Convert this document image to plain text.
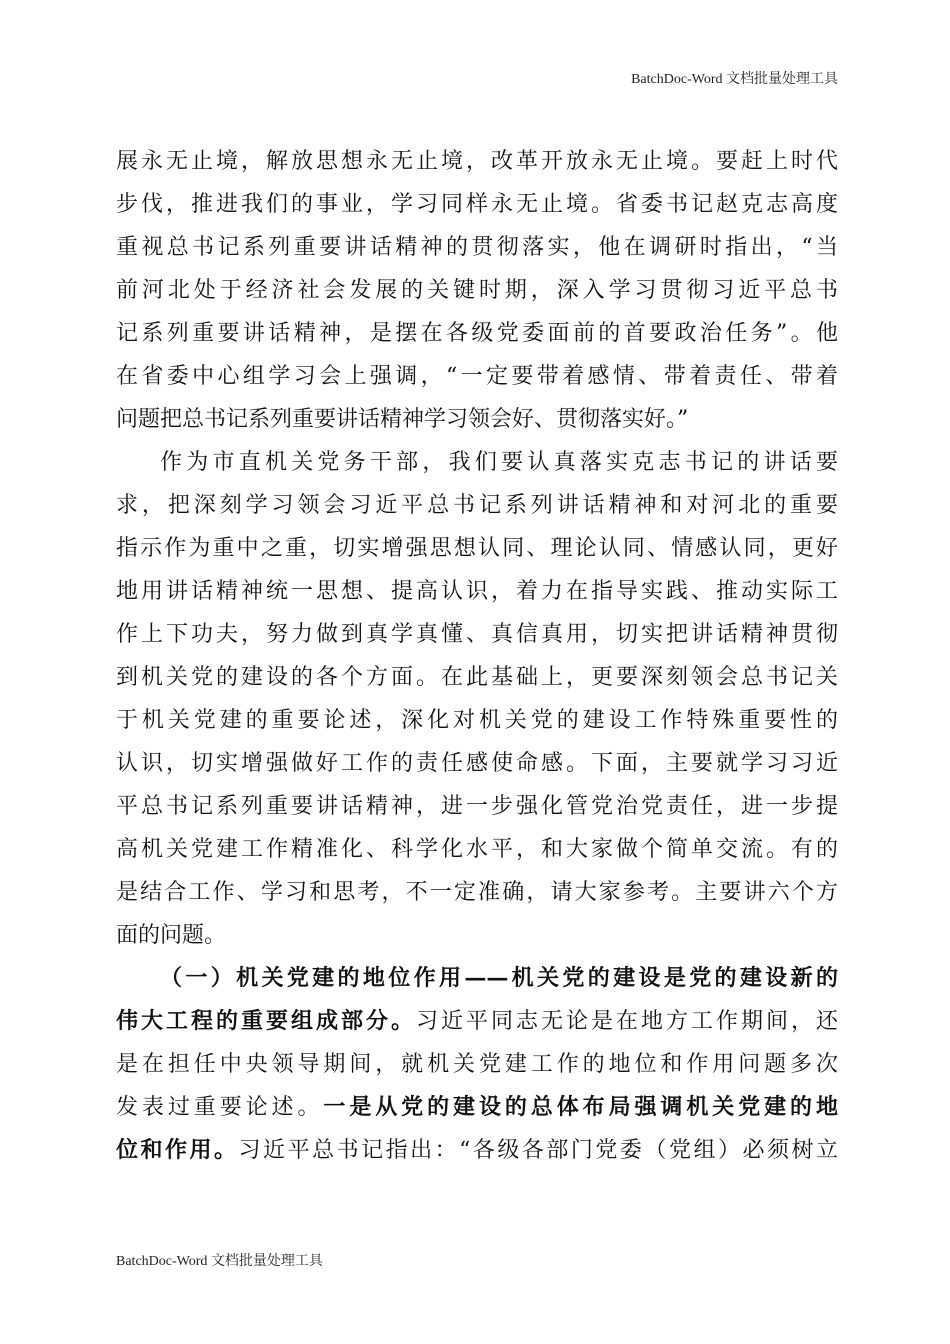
BatchDoc-Word 文档批量处理工具
展永无止境，解放思想永无止境，改革开放永无止境。要赶上时代
步伐，推进我们的事业，学习同样永无止境。省委书记赵克志高度
重视总书记系列重要讲话精神的贯彻落实，他在调研时指出，“当
前河北处于经济社会发展的关键时期，深入学习贯彻习近平总书
记系列重要讲话精神，是摆在各级党委面前的首要政治任务”。他
在省委中心组学习会上强调，“一定要带着感情、带着责任、带着
问题把总书记系列重要讲话精神学习领会好、贯彻落实好。”
作为市直机关党务干部，我们要认真落实克志书记的讲话要
求，把深刻学习领会习近平总书记系列讲话精神和对河北的重要
指示作为重中之重，切实增强思想认同、理论认同、情感认同，更好
地用讲话精神统一思想、提高认识，着力在指导实践、推动实际工
作上下功夫，努力做到真学真懂、真信真用，切实把讲话精神贯彻
到机关党的建设的各个方面。在此基础上，更要深刻领会总书记关
于机关党建的重要论述，深化对机关党的建设工作特殊重要性的
认识，切实增强做好工作的责任感使命感。下面，主要就学习习近
平总书记系列重要讲话精神，进一步强化管党治党责任，进一步提
高机关党建工作精准化、科学化水平，和大家做个简单交流。有的
是结合工作、学习和思考，不一定准确，请大家参考。主要讲六个方
面的问题。
（一）机关党建的地位作用——机关党的建设是党的建设新的
伟大工程的重要组成部分。习近平同志无论是在地方工作期间，还
是在担任中央领导期间，就机关党建工作的地位和作用问题多次
发表过重要论述。一是从党的建设的总体布局强调机关党建的地
位和作用。习近平总书记指出：“各级各部门党委（党组）必须树立
BatchDoc-Word 文档批量处理工具
